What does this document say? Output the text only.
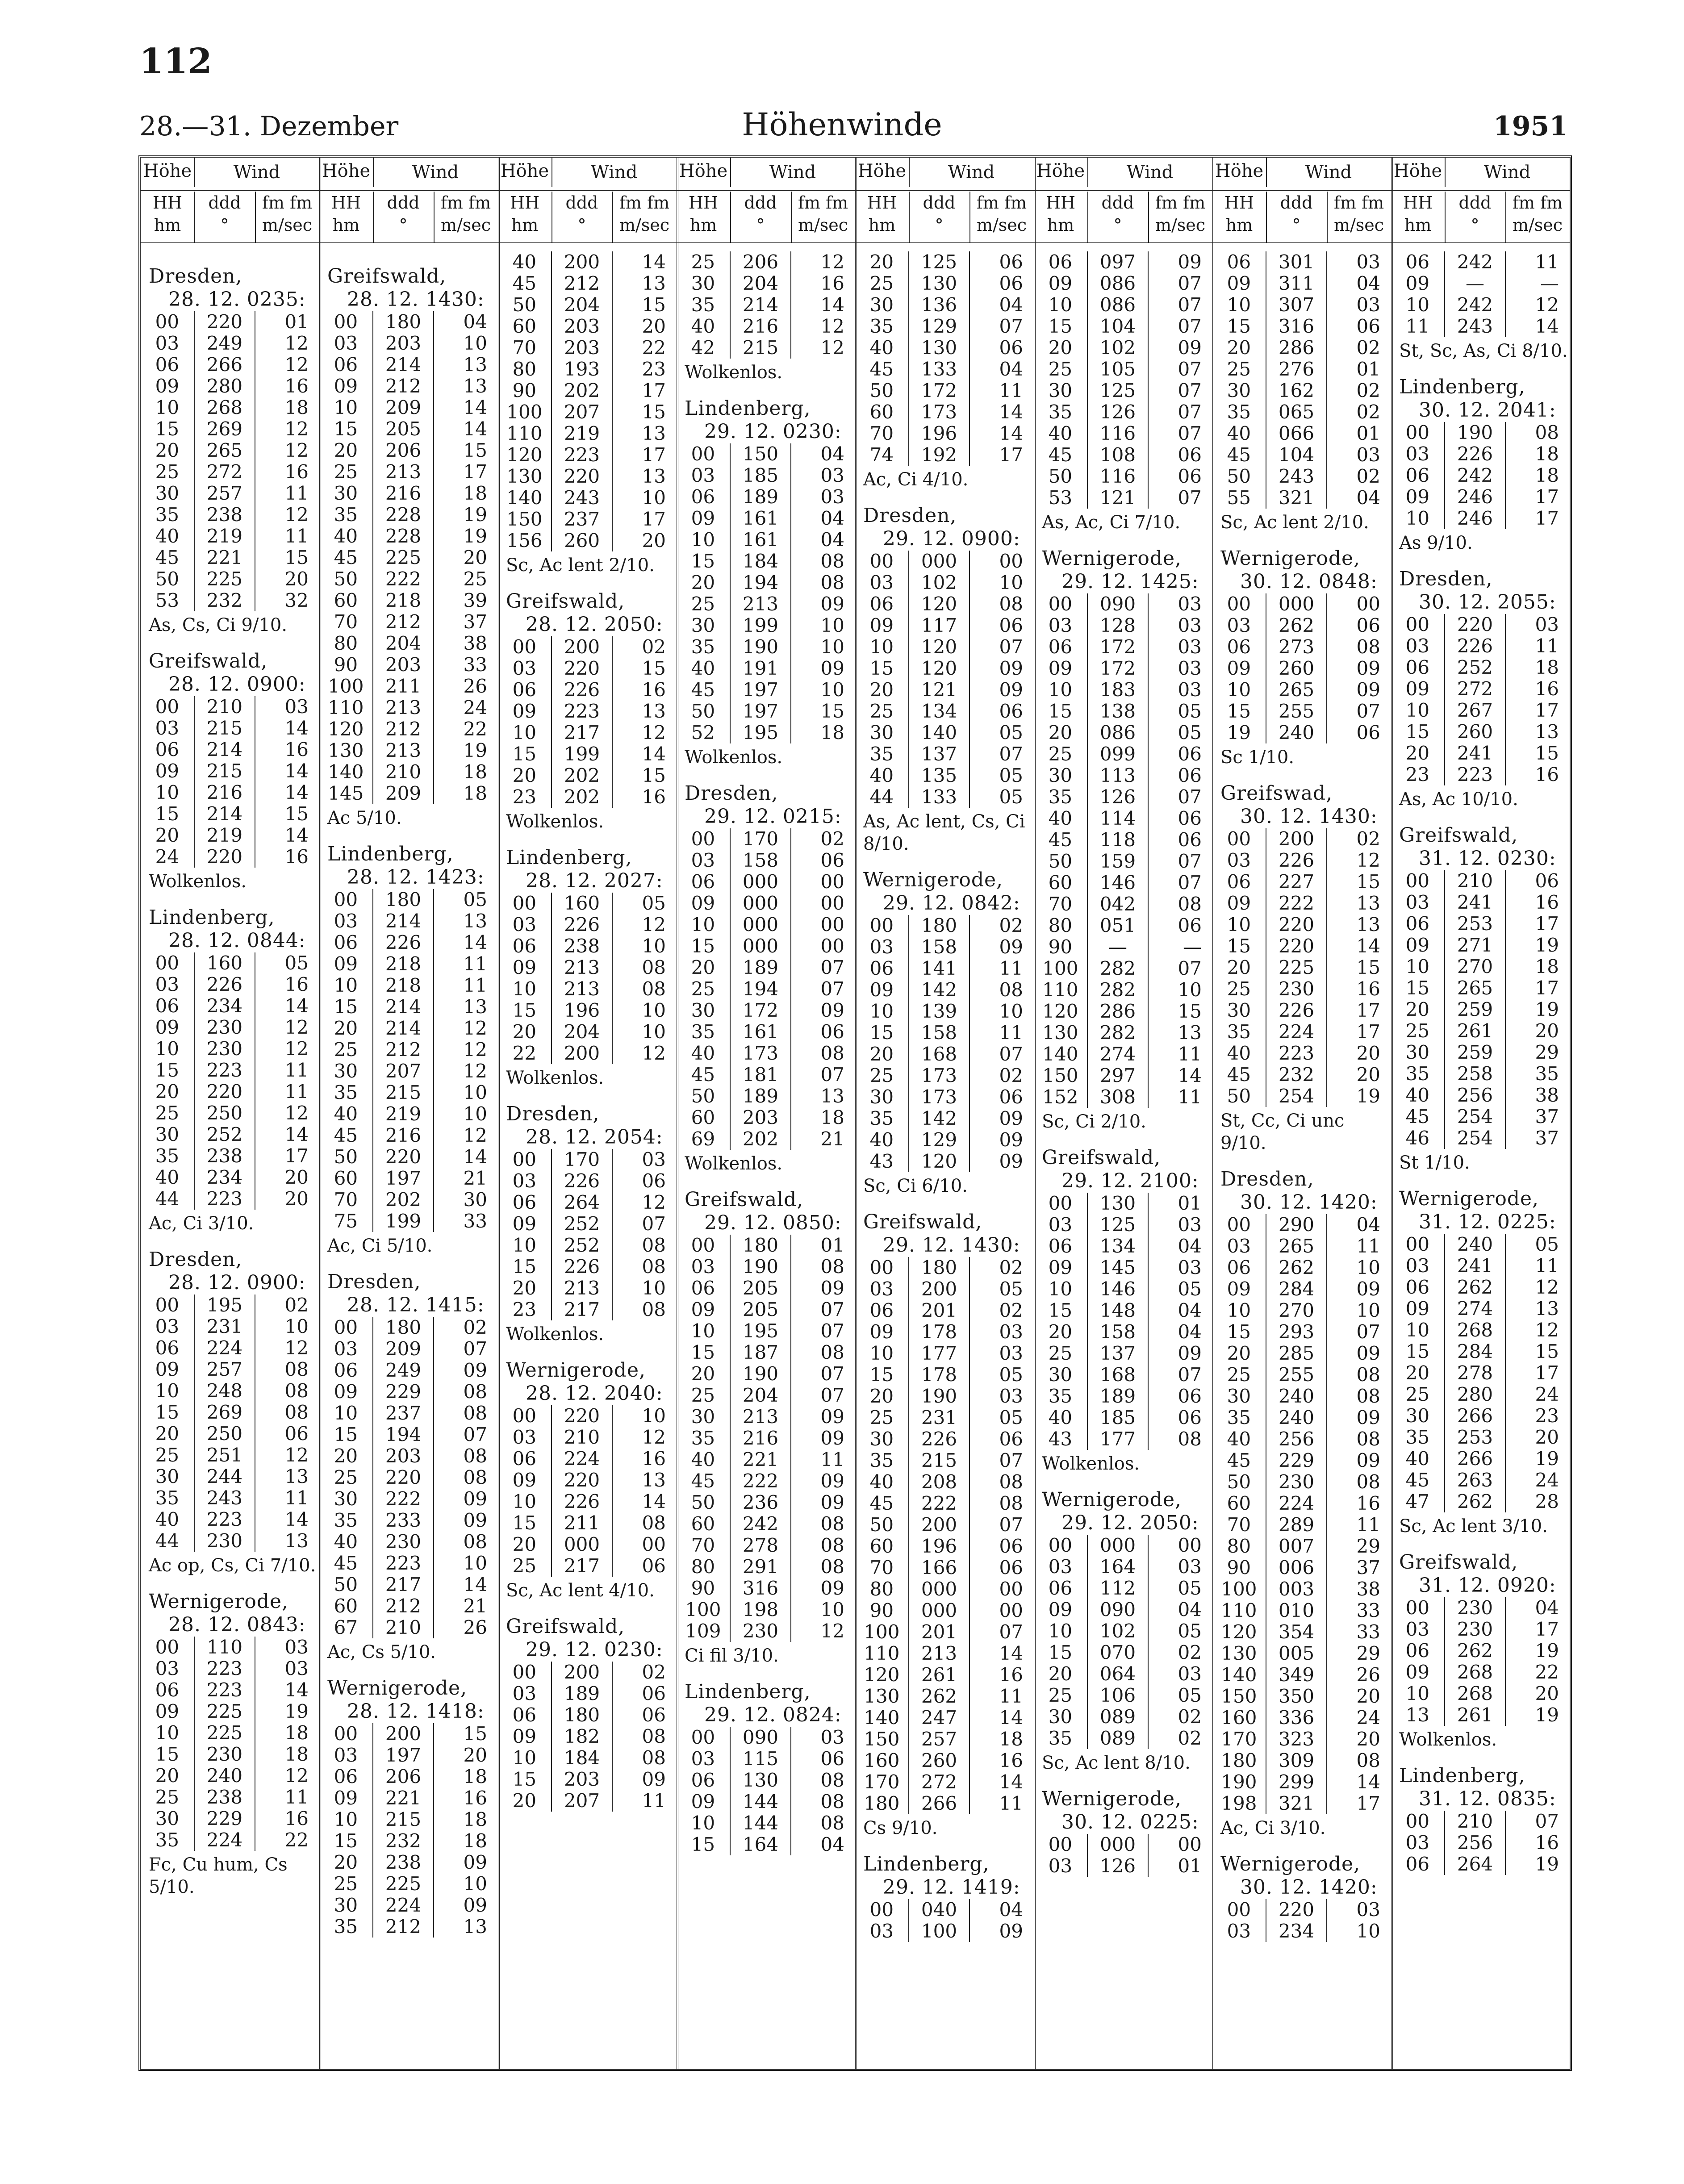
112
28.—31. Dezember	Höhenwinde	1951
Höhe	Wind
HH
hm
ddd
°
fm fm
m/sec
Dresden,
28. 12. 0235:
00	220	01
03	249	12
06	266	12
09	280	16
10	268	18
15	269	12
20	265	12
25	272	16
30	257	11
35	238	12
40	219	11
45	221	15
50	225	20
53	232	32
As, Cs, Ci 9/10.
Greifswald,
28. 12. 0900:
00	210	03
03	215	14
06	214	16
09	215	14
10	216	14
15	214	15
20	219	14
24	220	16
Wolkenlos.
Lindenberg,
28. 12. 0844:
00	160	05
03	226	16
06	234	14
09	230	12
10	230	12
15	223	11
20	220	11
25	250	12
30	252	14
35	238	17
40	234	20
44	223	20
Ac, Ci 3/10.
Dresden,
28. 12. 0900:
00	195	02
03	231	10
06	224	12
09	257	08
10	248	08
15	269	08
20	250	06
25	251	12
30	244	13
35	243	11
40	223	14
44	230	13
Ac op, Cs, Ci 7/10.
Wernigerode,
28. 12. 0843:
00	110	03
03	223	03
06	223	14
09	225	19
10	225	18
15	230	18
20	240	12
25	238	11
30	229	16
35	224	22
Fc, Cu hum, Cs 5/10.
Höhe	Wind
HH
hm
ddd
°
fm fm
m/sec
Greifswald,
28. 12. 1430:
00	180	04
03	203	10
06	214	13
09	212	13
10	209	14
15	205	14
20	206	15
25	213	17
30	216	18
35	228	19
40	228	19
45	225	20
50	222	25
60	218	39
70	212	37
80	204	38
90	203	33
100	211	26
110	213	24
120	212	22
130	213	19
140	210	18
145	209	18
Ac 5/10.
Lindenberg,
28. 12. 1423:
00	180	05
03	214	13
06	226	14
09	218	11
10	218	11
15	214	13
20	214	12
25	212	12
30	207	12
35	215	10
40	219	10
45	216	12
50	220	14
60	197	21
70	202	30
75	199	33
Ac, Ci 5/10.
Dresden,
28. 12. 1415:
00	180	02
03	209	07
06	249	09
09	229	08
10	237	08
15	194	07
20	203	08
25	220	08
30	222	09
35	233	09
40	230	08
45	223	10
50	217	14
60	212	21
67	210	26
Ac, Cs 5/10.
Wernigerode,
28. 12. 1418:
00	200	15
03	197	20
06	206	18
09	221	16
10	215	18
15	232	18
20	238	09
25	225	10
30	224	09
35	212	13
Höhe	Wind
HH
hm
ddd
°
fm fm
m/sec
40	200	14
45	212	13
50	204	15
60	203	20
70	203	22
80	193	23
90	202	17
100	207	15
110	219	13
120	223	17
130	220	13
140	243	10
150	237	17
156	260	20
Sc, Ac lent 2/10.
Greifswald,
28. 12. 2050:
00	200	02
03	220	15
06	226	16
09	223	13
10	217	12
15	199	14
20	202	15
23	202	16
Wolkenlos.
Lindenberg,
28. 12. 2027:
00	160	05
03	226	12
06	238	10
09	213	08
10	213	08
15	196	10
20	204	10
22	200	12
Wolkenlos.
Dresden,
28. 12. 2054:
00	170	03
03	226	06
06	264	12
09	252	07
10	252	08
15	226	08
20	213	10
23	217	08
Wolkenlos.
Wernigerode,
28. 12. 2040:
00	220	10
03	210	12
06	224	16
09	220	13
10	226	14
15	211	08
20	000	00
25	217	06
Sc, Ac lent 4/10.
Greifswald,
29. 12. 0230:
00	200	02
03	189	06
06	180	06
09	182	08
10	184	08
15	203	09
20	207	11
Höhe	Wind
HH
hm
ddd
°
fm fm
m/sec
25	206	12
30	204	16
35	214	14
40	216	12
42	215	12
Wolkenlos.
Lindenberg,
29. 12. 0230:
00	150	04
03	185	03
06	189	03
09	161	04
10	161	04
15	184	08
20	194	08
25	213	09
30	199	10
35	190	10
40	191	09
45	197	10
50	197	15
52	195	18
Wolkenlos.
Dresden,
29. 12. 0215:
00	170	02
03	158	06
06	000	00
09	000	00
10	000	00
15	000	00
20	189	07
25	194	07
30	172	09
35	161	06
40	173	08
45	181	07
50	189	13
60	203	18
69	202	21
Wolkenlos.
Greifswald,
29. 12. 0850:
00	180	01
03	190	08
06	205	09
09	205	07
10	195	07
15	187	08
20	190	07
25	204	07
30	213	09
35	216	09
40	221	11
45	222	09
50	236	09
60	242	08
70	278	08
80	291	08
90	316	09
100	198	10
109	230	12
Ci fil 3/10.
Lindenberg,
29. 12. 0824:
00	090	03
03	115	06
06	130	08
09	144	08
10	144	08
15	164	04
Höhe	Wind
HH
hm
ddd
°
fm fm
m/sec
20	125	06
25	130	06
30	136	04
35	129	07
40	130	06
45	133	04
50	172	11
60	173	14
70	196	14
74	192	17
Ac, Ci 4/10.
Dresden,
29. 12. 0900:
00	000	00
03	102	10
06	120	08
09	117	06
10	120	07
15	120	09
20	121	09
25	134	06
30	140	05
35	137	07
40	135	05
44	133	05
As, Ac lent, Cs, Ci 8/10.
Wernigerode,
29. 12. 0842:
00	180	02
03	158	09
06	141	11
09	142	08
10	139	10
15	158	11
20	168	07
25	173	02
30	173	06
35	142	09
40	129	09
43	120	09
Sc, Ci 6/10.
Greifswald,
29. 12. 1430:
00	180	02
03	200	05
06	201	02
09	178	03
10	177	03
15	178	05
20	190	03
25	231	05
30	226	06
35	215	07
40	208	08
45	222	08
50	200	07
60	196	06
70	166	06
80	000	00
90	000	00
100	201	07
110	213	14
120	261	16
130	262	11
140	247	14
150	257	18
160	260	16
170	272	14
180	266	11
Cs 9/10.
Lindenberg,
29. 12. 1419:
00	040	04
03	100	09
Höhe	Wind
HH
hm
ddd
°
fm fm
m/sec
06	097	09
09	086	07
10	086	07
15	104	07
20	102	09
25	105	07
30	125	07
35	126	07
40	116	07
45	108	06
50	116	06
53	121	07
As, Ac, Ci 7/10.
Wernigerode,
29. 12. 1425:
00	090	03
03	128	03
06	172	03
09	172	03
10	183	03
15	138	05
20	086	05
25	099	06
30	113	06
35	126	07
40	114	06
45	118	06
50	159	07
60	146	07
70	042	08
80	051	06
90	—	—
100	282	07
110	282	10
120	286	15
130	282	13
140	274	11
150	297	14
152	308	11
Sc, Ci 2/10.
Greifswald,
29. 12. 2100:
00	130	01
03	125	03
06	134	04
09	145	03
10	146	05
15	148	04
20	158	04
25	137	09
30	168	07
35	189	06
40	185	06
43	177	08
Wolkenlos.
Wernigerode,
29. 12. 2050:
00	000	00
03	164	03
06	112	05
09	090	04
10	102	05
15	070	02
20	064	03
25	106	05
30	089	02
35	089	02
Sc, Ac lent 8/10.
Wernigerode,
30. 12. 0225:
00	000	00
03	126	01
Höhe	Wind
HH
hm
ddd
°
fm fm
m/sec
06	301	03
09	311	04
10	307	03
15	316	06
20	286	02
25	276	01
30	162	02
35	065	02
40	066	01
45	104	03
50	243	02
55	321	04
Sc, Ac lent 2/10.
Wernigerode,
30. 12. 0848:
00	000	00
03	262	06
06	273	08
09	260	09
10	265	09
15	255	07
19	240	06
Sc 1/10.
Greifswad,
30. 12. 1430:
00	200	02
03	226	12
06	227	15
09	222	13
10	220	13
15	220	14
20	225	15
25	230	16
30	226	17
35	224	17
40	223	20
45	232	20
50	254	19
St, Cc, Ci unc 9/10.
Dresden,
30. 12. 1420:
00	290	04
03	265	11
06	262	10
09	284	09
10	270	10
15	293	07
20	285	09
25	255	08
30	240	08
35	240	09
40	256	08
45	229	09
50	230	08
60	224	16
70	289	11
80	007	29
90	006	37
100	003	38
110	010	33
120	354	33
130	005	29
140	349	26
150	350	20
160	336	24
170	323	20
180	309	08
190	299	14
198	321	17
Ac, Ci 3/10.
Wernigerode,
30. 12. 1420:
00	220	03
03	234	10
Höhe	Wind
HH
hm
ddd
°
fm fm
m/sec
06	242	11
09	—	—
10	242	12
11	243	14
St, Sc, As, Ci 8/10.
Lindenberg,
30. 12. 2041:
00	190	08
03	226	18
06	242	18
09	246	17
10	246	17
As 9/10.
Dresden,
30. 12. 2055:
00	220	03
03	226	11
06	252	18
09	272	16
10	267	17
15	260	13
20	241	15
23	223	16
As, Ac 10/10.
Greifswald,
31. 12. 0230:
00	210	06
03	241	16
06	253	17
09	271	19
10	270	18
15	265	17
20	259	19
25	261	20
30	259	29
35	258	35
40	256	38
45	254	37
46	254	37
St 1/10.
Wernigerode,
31. 12. 0225:
00	240	05
03	241	11
06	262	12
09	274	13
10	268	12
15	284	15
20	278	17
25	280	24
30	266	23
35	253	20
40	266	19
45	263	24
47	262	28
Sc, Ac lent 3/10.
Greifswald,
31. 12. 0920:
00	230	04
03	230	17
06	262	19
09	268	22
10	268	20
13	261	19
Wolkenlos.
Lindenberg,
31. 12. 0835:
00	210	07
03	256	16
06	264	19
